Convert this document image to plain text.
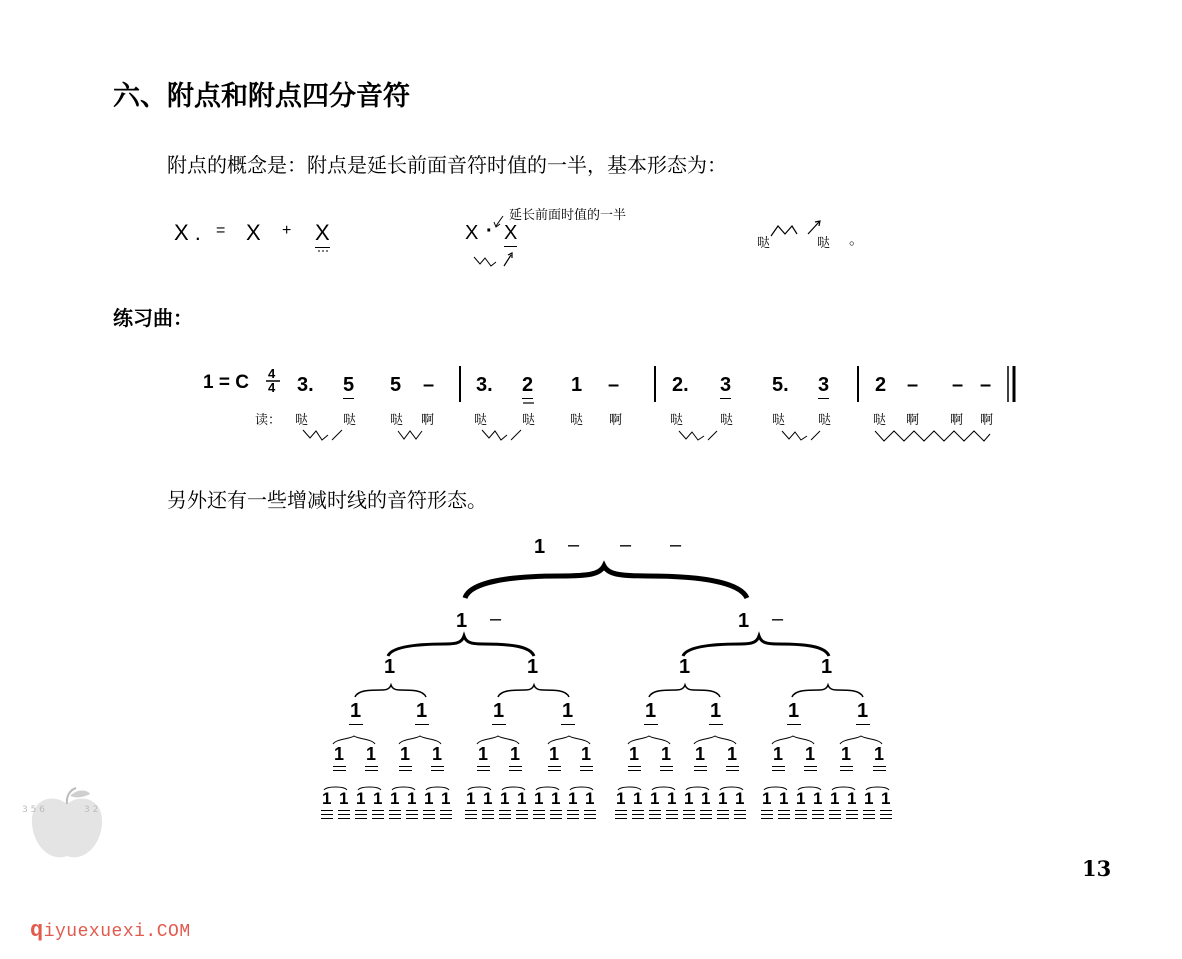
六、附点和附点四分音符
附点的概念是：附点是延长前面音符时值的一半，基本形态为：
X . = X + X	X · X
延长前面时值的一半
哒	哒 。
练习曲：
1 = C 4
4
读：
3. 5 5 –
哒	哒	哒 啊
3. 2 1 –
哒	哒	哒 啊
2. 3 5. 3
哒	哒	哒	哒
2 – – –
哒 啊 啊 啊
另外还有一些增减时线的音符形态。
1 – – –
1 –	1 –
1	1	1	1
1	1	1	1	1	1	1	1
1 1 1 1 1 1 1 1 1 1 1 1 1 1 1 1
1 1 1 1 1 1 1 1 1 1 1 1 1 1 1 1 1 1 1 1 1 1 1 1 1 1 1 1 1 1 1 1
13
qiyuexuexi.COM
3 5 6	3 2
